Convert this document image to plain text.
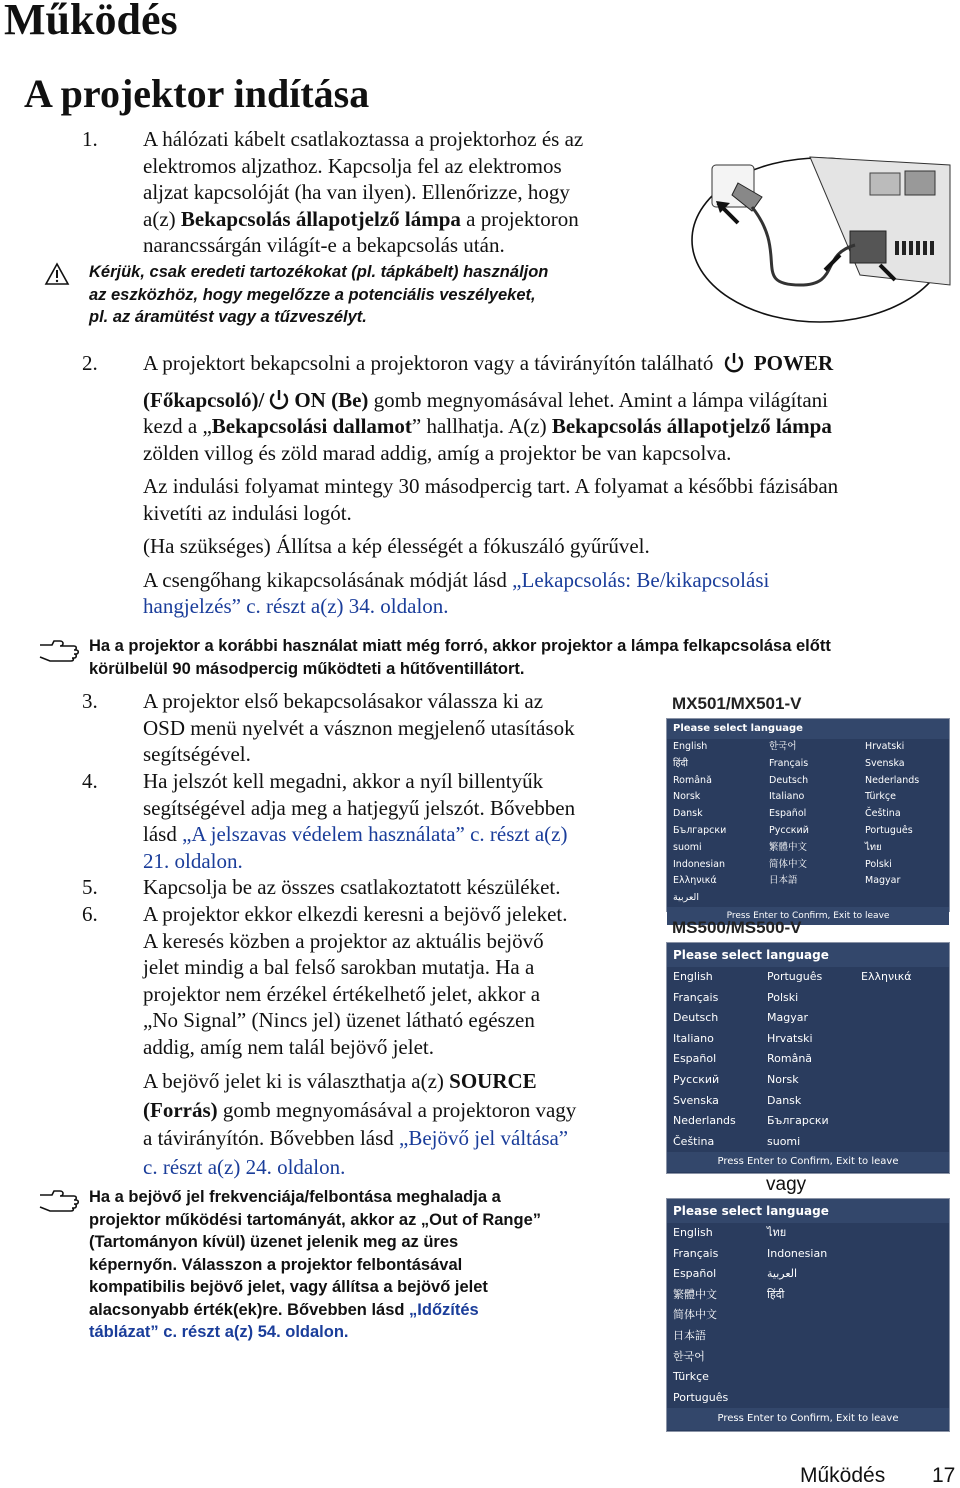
Működés
A projektor indítása
1. A hálózati kábelt csatlakoztassa a projektorhoz és az
elektromos aljzathoz. Kapcsolja fel az elektromos
aljzat kapcsolóját (ha van ilyen). Ellenőrizze, hogy
a(z) Bekapcsolás állapotjelző lámpa a projektoron
narancssárgán világít-e a bekapcsolás után.
Kérjük, csak eredeti tartozékokat (pl. tápkábelt) használjon
az eszközhöz, hogy megelőzze a potenciális veszélyeket,
pl. az áramütést vagy a tűzveszélyt.
2. A projektort bekapcsolni a projektoron vagy a távirányítón található POWER
(Főkapcsoló)/ ON (Be) gomb megnyomásával lehet. Amint a lámpa világítani
kezd a „Bekapcsolási dallamot” hallhatja. A(z) Bekapcsolás állapotjelző lámpa
zölden villog és zöld marad addig, amíg a projektor be van kapcsolva.
Az indulási folyamat mintegy 30 másodpercig tart. A folyamat a későbbi fázisában
kivetíti az indulási logót.
(Ha szükséges) Állítsa a kép élességét a fókuszáló gyűrűvel.
A csengőhang kikapcsolásának módját lásd „Lekapcsolás: Be/kikapcsolási
hangjelzés” c. részt a(z) 34. oldalon.
Ha a projektor a korábbi használat miatt még forró, akkor projektor a lámpa felkapcsolása előtt
körülbelül 90 másodpercig működteti a hűtőventillátort.
3. A projektor első bekapcsolásakor válassza ki az
OSD menü nyelvét a vásznon megjelenő utasítások
segítségével.
4. Ha jelszót kell megadni, akkor a nyíl billentyűk
segítségével adja meg a hatjegyű jelszót. Bővebben
lásd „A jelszavas védelem használata” c. részt a(z)
21. oldalon.
5. Kapcsolja be az összes csatlakoztatott készüléket.
6. A projektor ekkor elkezdi keresni a bejövő jeleket.
A keresés közben a projektor az aktuális bejövő
jelet mindig a bal felső sarokban mutatja. Ha a
projektor nem érzékel értékelhető jelet, akkor a
„No Signal” (Nincs jel) üzenet látható egészen
addig, amíg nem talál bejövő jelet.
A bejövő jelet ki is választhatja a(z) SOURCE
(Forrás) gomb megnyomásával a projektoron vagy
a távirányítón. Bővebben lásd „Bejövő jel váltása”
c. részt a(z) 24. oldalon.
Ha a bejövő jel frekvenciája/felbontása meghaladja a
projektor működési tartományát, akkor az „Out of Range”
(Tartományon kívül) üzenet jelenik meg az üres
képernyőn. Válasszon a projektor felbontásával
kompatibilis bejövő jelet, vagy állítsa a bejövő jelet
alacsonyabb érték(ek)re. Bővebben lásd „Időzítés
táblázat” c. részt a(z) 54. oldalon.
MX501/MX501-V
Please select language
English	한국어	Hrvatski
हिंदी	Français	Svenska
Română	Deutsch	Nederlands
Norsk	Italiano	Türkçe
Dansk	Español	Čeština
Български	Русский	Português
suomi	繁體中文	ไทย
Indonesian	简体中文	Polski
Ελληνικά	日本語	Magyar
العربية
Press Enter to Confirm, Exit to leave
MS500/MS500-V
Please select language
English	Português	Ελληνικά
Français	Polski
Deutsch	Magyar
Italiano	Hrvatski
Español	Română
Русский	Norsk
Svenska	Dansk
Nederlands	Български
Čeština	suomi
Press Enter to Confirm, Exit to leave
vagy
Please select language
English	ไทย
Français	Indonesian
Español	العربية
繁體中文	हिंदी
简体中文
日本語
한국어
Türkçe
Português
Press Enter to Confirm, Exit to leave
Működés 17
